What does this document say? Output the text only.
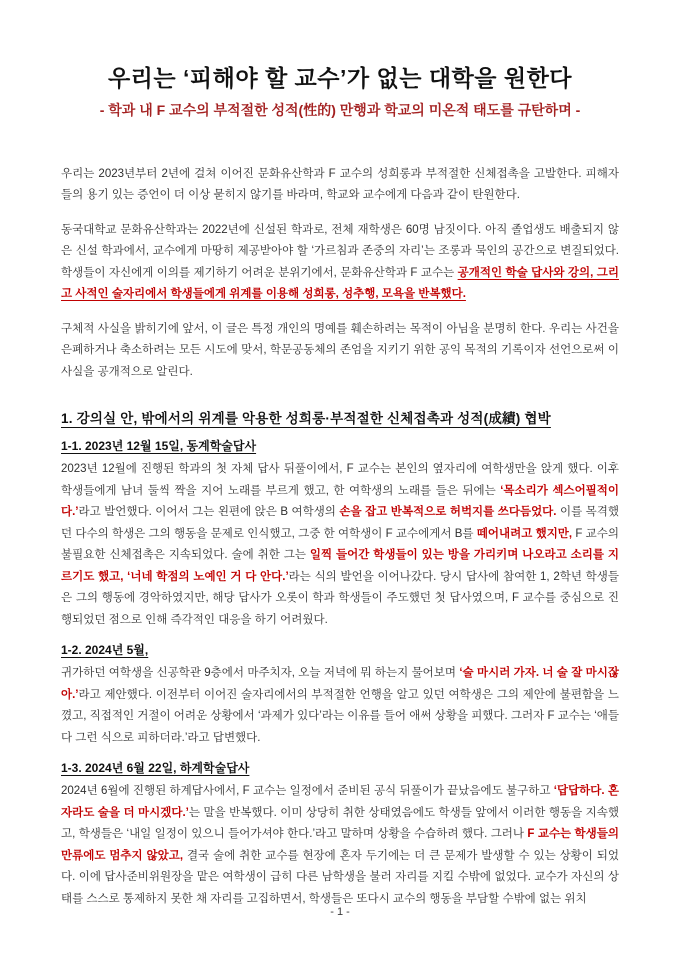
우리는 ‘피해야 할 교수’가 없는 대학을 원한다
- 학과 내 F 교수의 부적절한 성적(性的) 만행과 학교의 미온적 태도를 규탄하며 -

우리는 2023년부터 2년에 걸쳐 이어진 문화유산학과 F 교수의 성희롱과 부적절한 신체접촉을 고발한다. 피해자들의 용기 있는 증언이 더 이상 묻히지 않기를 바라며, 학교와 교수에게 다음과 같이 탄원한다.

동국대학교 문화유산학과는 2022년에 신설된 학과로, 전체 재학생은 60명 남짓이다. 아직 졸업생도 배출되지 않은 신설 학과에서, 교수에게 마땅히 제공받아야 할 ‘가르침과 존중의 자리’는 조롱과 묵인의 공간으로 변질되었다. 학생들이 자신에게 이의를 제기하기 어려운 분위기에서, 문화유산학과 F 교수는 공개적인 학술 답사와 강의, 그리고 사적인 술자리에서 학생들에게 위계를 이용해 성희롱, 성추행, 모욕을 반복했다.

구체적 사실을 밝히기에 앞서, 이 글은 특정 개인의 명예를 훼손하려는 목적이 아님을 분명히 한다. 우리는 사건을 은폐하거나 축소하려는 모든 시도에 맞서, 학문공동체의 존엄을 지키기 위한 공익 목적의 기록이자 선언으로써 이 사실을 공개적으로 알린다.

1. 강의실 안, 밖에서의 위계를 악용한 성희롱·부적절한 신체접촉과 성적(成績) 협박
1-1. 2023년 12월 15일, 동계학술답사

2023년 12월에 진행된 학과의 첫 자체 답사 뒤풀이에서, F 교수는 본인의 옆자리에 여학생만을 앉게 했다. 이후 학생들에게 남녀 둘씩 짝을 지어 노래를 부르게 했고, 한 여학생의 노래를 들은 뒤에는 ‘목소리가 섹스어필적이다.’라고 발언했다. 이어서 그는 왼편에 앉은 B 여학생의 손을 잡고 반복적으로 허벅지를 쓰다듬었다. 이를 목격했던 다수의 학생은 그의 행동을 문제로 인식했고, 그중 한 여학생이 F 교수에게서 B를 떼어내려고 했지만, F 교수의 불필요한 신체접촉은 지속되었다. 술에 취한 그는 일찍 들어간 학생들이 있는 방을 가리키며 나오라고 소리를 지르기도 했고, ‘너네 학점의 노예인 거 다 안다.’라는 식의 발언을 이어나갔다. 당시 답사에 참여한 1, 2학년 학생들은 그의 행동에 경악하였지만, 해당 답사가 오롯이 학과 학생들이 주도했던 첫 답사였으며, F 교수를 중심으로 진행되었던 점으로 인해 즉각적인 대응을 하기 어려웠다.

1-2. 2024년 5월,

귀가하던 여학생을 신공학관 9층에서 마주치자, 오늘 저녁에 뭐 하는지 물어보며 ‘술 마시러 가자. 너 술 잘 마시잖아.’라고 제안했다. 이전부터 이어진 술자리에서의 부적절한 언행을 알고 있던 여학생은 그의 제안에 불편함을 느꼈고, 직접적인 거절이 어려운 상황에서 ‘과제가 있다’라는 이유를 들어 애써 상황을 피했다. 그러자 F 교수는 ‘애들 다 그런 식으로 피하더라.’라고 답변했다.

1-3. 2024년 6월 22일, 하계학술답사

2024년 6월에 진행된 하계답사에서, F 교수는 일정에서 준비된 공식 뒤풀이가 끝났음에도 불구하고 ‘답답하다. 혼자라도 술을 더 마시겠다.’는 말을 반복했다. 이미 상당히 취한 상태였음에도 학생들 앞에서 이러한 행동을 지속했고, 학생들은 ‘내일 일정이 있으니 들어가셔야 한다.’라고 말하며 상황을 수습하려 했다. 그러나 F 교수는 학생들의 만류에도 멈추지 않았고, 결국 술에 취한 교수를 현장에 혼자 두기에는 더 큰 문제가 발생할 수 있는 상황이 되었다. 이에 답사준비위원장을 맡은 여학생이 급히 다른 남학생을 불러 자리를 지킬 수밖에 없었다. 교수가 자신의 상태를 스스로 통제하지 못한 채 자리를 고집하면서, 학생들은 또다시 교수의 행동을 부담할 수밖에 없는 위치

- 1 -
